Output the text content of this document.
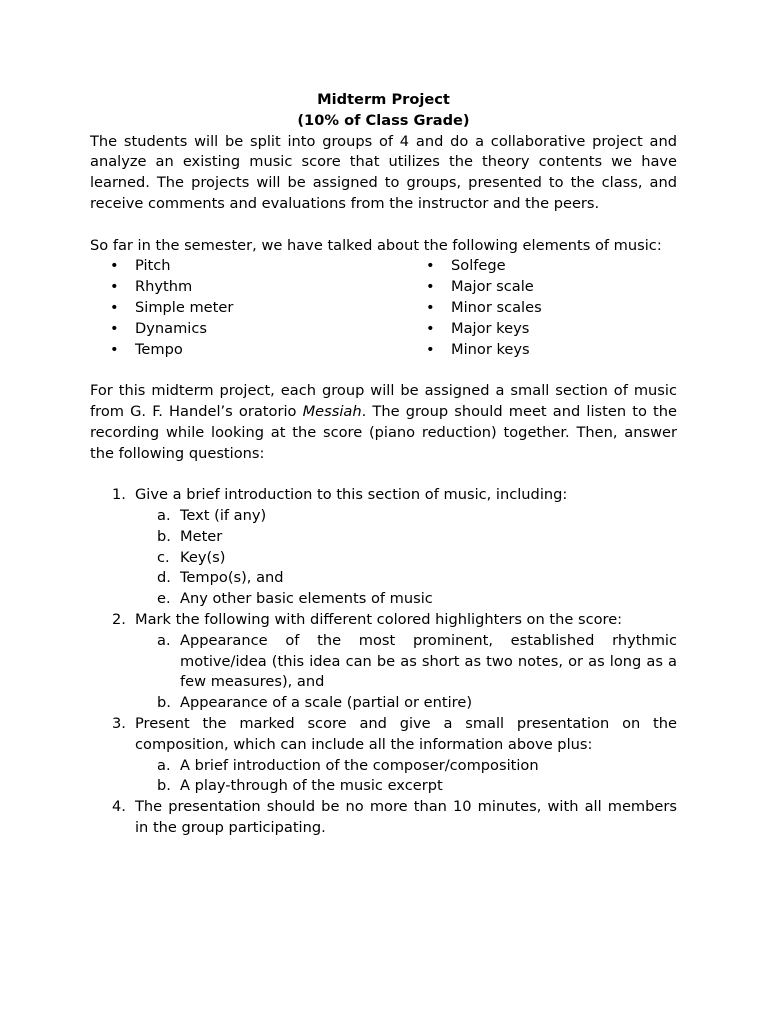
Midterm Project
(10% of Class Grade)

The students will be split into groups of 4 and do a collaborative project and analyze an existing music score that utilizes the theory contents we have learned. The projects will be assigned to groups, presented to the class, and receive comments and evaluations from the instructor and the peers.

So far in the semester, we have talked about the following elements of music:

• Pitch
• Rhythm
• Simple meter
• Dynamics
• Tempo
• Solfege
• Major scale
• Minor scales
• Major keys
• Minor keys

For this midterm project, each group will be assigned a small section of music from G. F. Handel’s oratorio Messiah. The group should meet and listen to the recording while looking at the score (piano reduction) together. Then, answer the following questions:

1. Give a brief introduction to this section of music, including:
a. Text (if any)
b. Meter
c. Key(s)
d. Tempo(s), and
e. Any other basic elements of music
2. Mark the following with different colored highlighters on the score:
a. Appearance of the most prominent, established rhythmic motive/idea (this idea can be as short as two notes, or as long as a few measures), and
b. Appearance of a scale (partial or entire)
3. Present the marked score and give a small presentation on the composition, which can include all the information above plus:
a. A brief introduction of the composer/composition
b. A play-through of the music excerpt
4. The presentation should be no more than 10 minutes, with all members in the group participating.
